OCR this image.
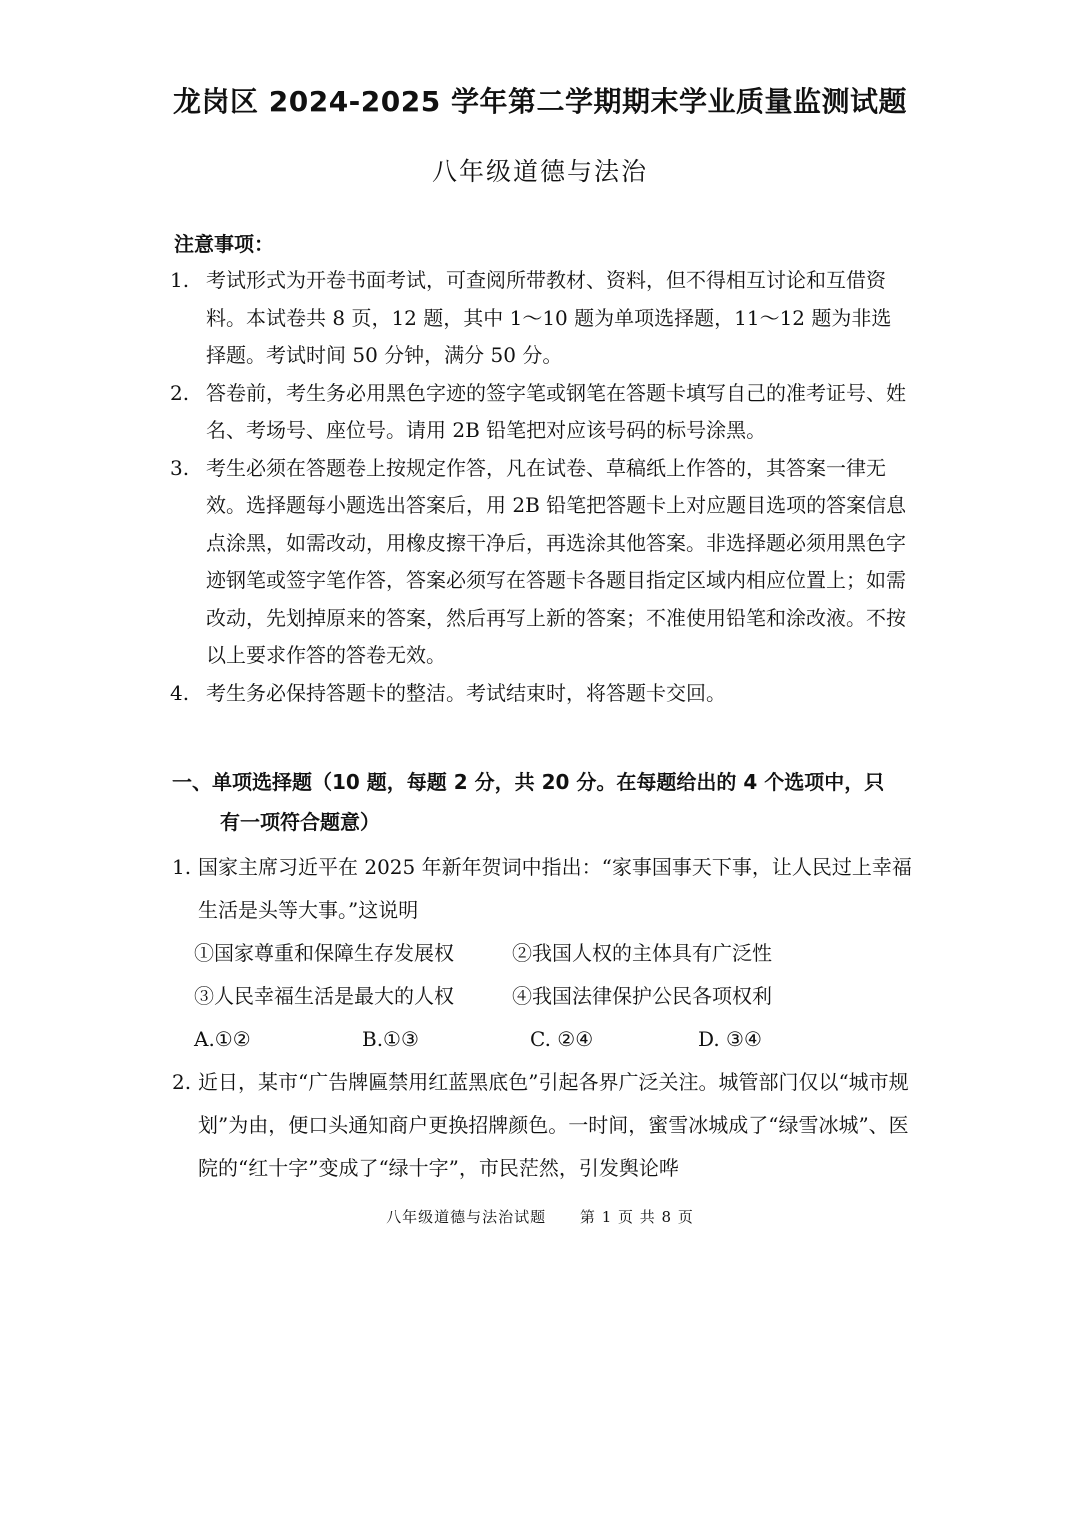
龙岗区 2024-2025 学年第二学期期末学业质量监测试题
八年级道德与法治
注意事项：
1. 考试形式为开卷书面考试，可查阅所带教材、资料，但不得相互讨论和互借资料。本试卷共 8 页，12 题，其中 1～10 题为单项选择题，11～12 题为非选择题。考试时间 50 分钟，满分 50 分。
2. 答卷前，考生务必用黑色字迹的签字笔或钢笔在答题卡填写自己的准考证号、姓名、考场号、座位号。请用 2B 铅笔把对应该号码的标号涂黑。
3. 考生必须在答题卷上按规定作答，凡在试卷、草稿纸上作答的，其答案一律无效。选择题每小题选出答案后，用 2B 铅笔把答题卡上对应题目选项的答案信息点涂黑，如需改动，用橡皮擦干净后，再选涂其他答案。非选择题必须用黑色字迹钢笔或签字笔作答，答案必须写在答题卡各题目指定区域内相应位置上；如需改动，先划掉原来的答案，然后再写上新的答案；不准使用铅笔和涂改液。不按以上要求作答的答卷无效。
4. 考生务必保持答题卡的整洁。考试结束时，将答题卡交回。
一、单项选择题（10 题，每题 2 分，共 20 分。在每题给出的 4 个选项中，只
有一项符合题意）
1. 国家主席习近平在 2025 年新年贺词中指出：“家事国事天下事，让人民过上幸福生活是头等大事。”这说明
①国家尊重和保障生存发展权	②我国人权的主体具有广泛性
③人民幸福生活是最大的人权	④我国法律保护公民各项权利
A.①②	B.①③	C. ②④	D. ③④
2. 近日，某市“广告牌匾禁用红蓝黑底色”引起各界广泛关注。城管部门仅以“城市规划”为由，便口头通知商户更换招牌颜色。一时间，蜜雪冰城成了“绿雪冰城”、医院的“红十字”变成了“绿十字”，市民茫然，引发舆论哗
八年级道德与法治试题 第 1 页 共 8 页
